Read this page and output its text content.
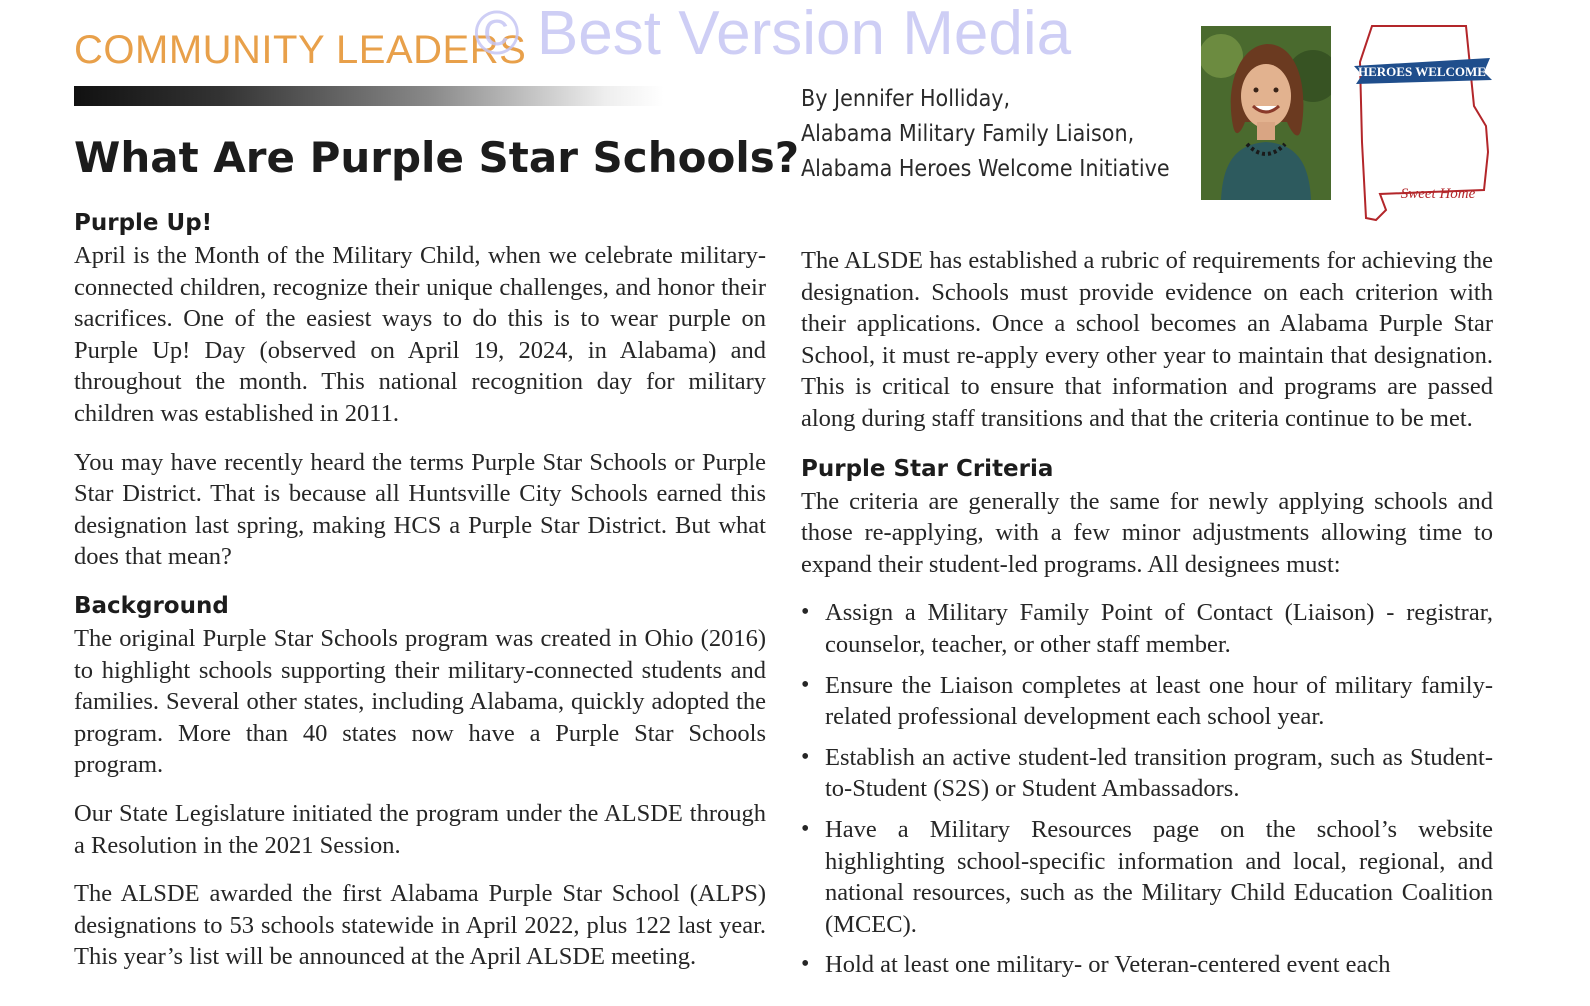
COMMUNITY LEADERS
© Best Version Media
What Are Purple Star Schools?
By Jennifer Holliday,
Alabama Military Family Liaison,
Alabama Heroes Welcome Initiative
HEROES WELCOME
Sweet Home
Purple Up!

April is the Month of the Military Child, when we celebrate military-connected children, recognize their unique challenges, and honor their sacrifices. One of the easiest ways to do this is to wear purple on Purple Up! Day (observed on April 19, 2024, in Alabama) and throughout the month. This national recognition day for military children was established in 2011.

You may have recently heard the terms Purple Star Schools or Purple Star District. That is because all Huntsville City Schools earned this designation last spring, making HCS a Purple Star District. But what does that mean?

Background

The original Purple Star Schools program was created in Ohio (2016) to highlight schools supporting their military-connected students and families. Several other states, including Alabama, quickly adopted the program. More than 40 states now have a Purple Star Schools program.

Our State Legislature initiated the program under the ALSDE through a Resolution in the 2021 Session.

The ALSDE awarded the first Alabama Purple Star School (ALPS) designations to 53 schools statewide in April 2022, plus 122 last year. This year’s list will be announced at the April ALSDE meeting.

The ALSDE has established a rubric of requirements for achieving the designation. Schools must provide evidence on each criterion with their applications. Once a school becomes an Alabama Purple Star School, it must re-apply every other year to maintain that designation. This is critical to ensure that information and programs are passed along during staff transitions and that the criteria continue to be met.

Purple Star Criteria

The criteria are generally the same for newly applying schools and those re-applying, with a few minor adjustments allowing time to expand their student-led programs. All designees must:

• Assign a Military Family Point of Contact (Liaison) - registrar, counselor, teacher, or other staff member.
• Ensure the Liaison completes at least one hour of military family-related professional development each school year.
• Establish an active student-led transition program, such as Student-to-Student (S2S) or Student Ambassadors.
• Have a Military Resources page on the school’s website highlighting school-specific information and local, regional, and national resources, such as the Military Child Education Coalition (MCEC).
• Hold at least one military- or Veteran-centered event each
